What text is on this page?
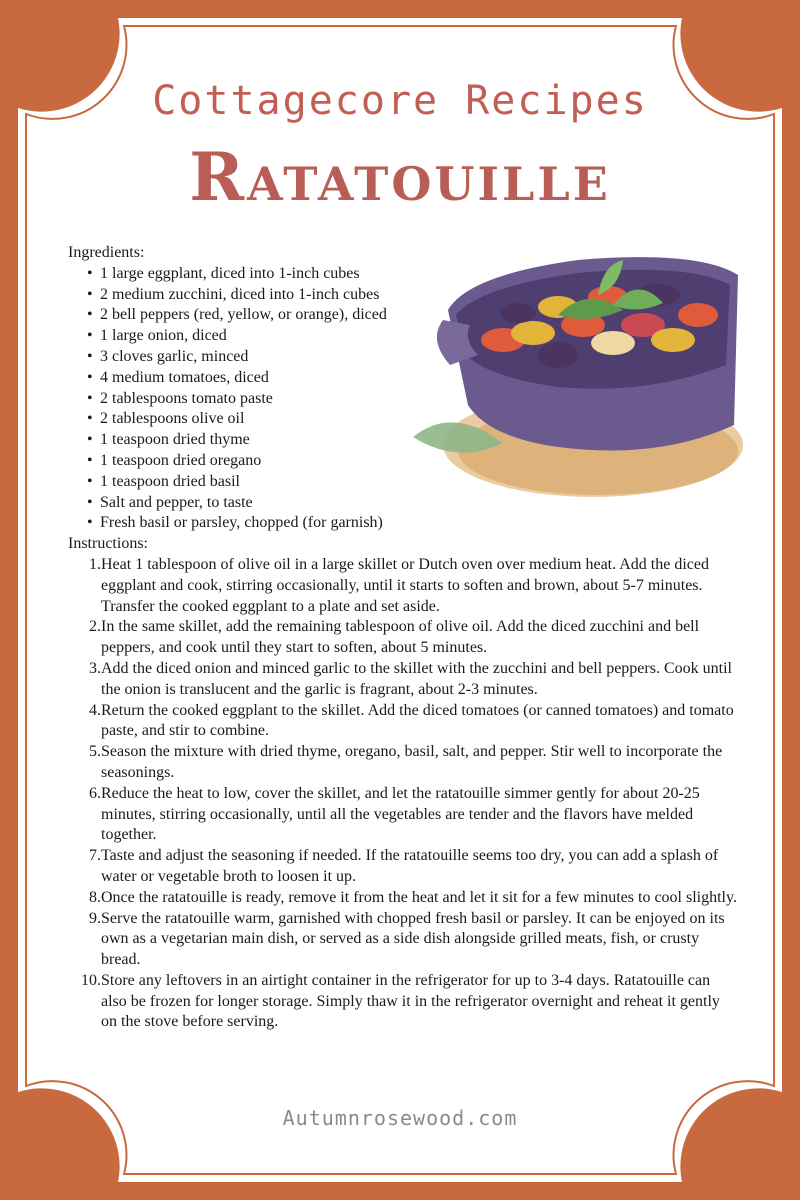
Cottagecore Recipes
Ratatouille
Ingredients:
• 1 large eggplant, diced into 1-inch cubes
• 2 medium zucchini, diced into 1-inch cubes
• 2 bell peppers (red, yellow, or orange), diced
• 1 large onion, diced
• 3 cloves garlic, minced
• 4 medium tomatoes, diced
• 2 tablespoons tomato paste
• 2 tablespoons olive oil
• 1 teaspoon dried thyme
• 1 teaspoon dried oregano
• 1 teaspoon dried basil
• Salt and pepper, to taste
• Fresh basil or parsley, chopped (for garnish)
Instructions:
1. Heat 1 tablespoon of olive oil in a large skillet or Dutch oven over medium heat. Add the diced eggplant and cook, stirring occasionally, until it starts to soften and brown, about 5-7 minutes. Transfer the cooked eggplant to a plate and set aside.
2. In the same skillet, add the remaining tablespoon of olive oil. Add the diced zucchini and bell peppers, and cook until they start to soften, about 5 minutes.
3. Add the diced onion and minced garlic to the skillet with the zucchini and bell peppers. Cook until the onion is translucent and the garlic is fragrant, about 2-3 minutes.
4. Return the cooked eggplant to the skillet. Add the diced tomatoes (or canned tomatoes) and tomato paste, and stir to combine.
5. Season the mixture with dried thyme, oregano, basil, salt, and pepper. Stir well to incorporate the seasonings.
6. Reduce the heat to low, cover the skillet, and let the ratatouille simmer gently for about 20-25 minutes, stirring occasionally, until all the vegetables are tender and the flavors have melded together.
7. Taste and adjust the seasoning if needed. If the ratatouille seems too dry, you can add a splash of water or vegetable broth to loosen it up.
8. Once the ratatouille is ready, remove it from the heat and let it sit for a few minutes to cool slightly.
9. Serve the ratatouille warm, garnished with chopped fresh basil or parsley. It can be enjoyed on its own as a vegetarian main dish, or served as a side dish alongside grilled meats, fish, or crusty bread.
10. Store any leftovers in an airtight container in the refrigerator for up to 3-4 days. Ratatouille can also be frozen for longer storage. Simply thaw it in the refrigerator overnight and reheat it gently on the stove before serving.
Autumnrosewood.com
